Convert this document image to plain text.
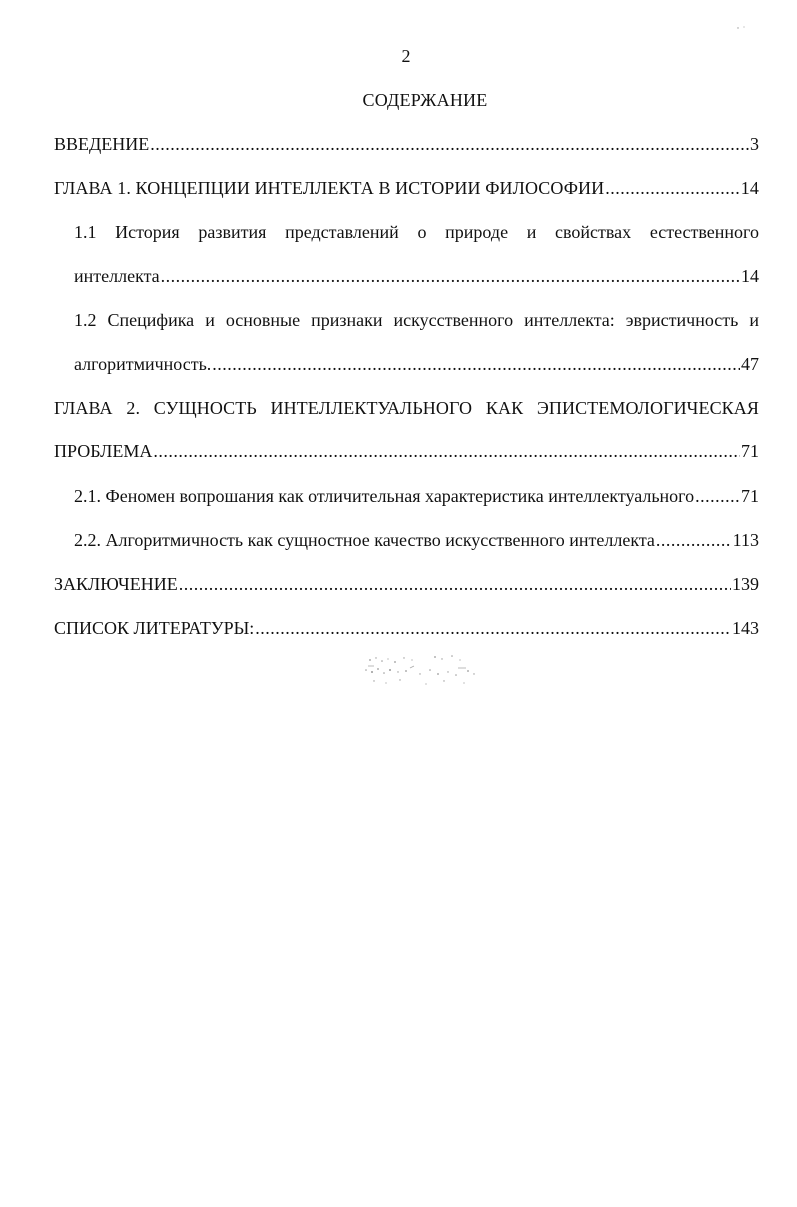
2
СОДЕРЖАНИЕ
ВВЕДЕНИЕ .....	3
ГЛАВА 1. КОНЦЕПЦИИ ИНТЕЛЛЕКТА В ИСТОРИИ ФИЛОСОФИИ .....	14
1.1 История развития представлений о природе и свойствах естественного
интеллекта .....	14
1.2 Специфика и основные признаки искусственного интеллекта: эвристичность и
алгоритмичность. .....	47
ГЛАВА 2. СУЩНОСТЬ ИНТЕЛЛЕКТУАЛЬНОГО КАК ЭПИСТЕМОЛОГИЧЕСКАЯ
ПРОБЛЕМА .....	71
2.1. Феномен вопрошания как отличительная характеристика интеллектуального .....	71
2.2. Алгоритмичность как сущностное качество искусственного интеллекта .....	113
ЗАКЛЮЧЕНИЕ .....	139
СПИСОК ЛИТЕРАТУРЫ: .....	143
